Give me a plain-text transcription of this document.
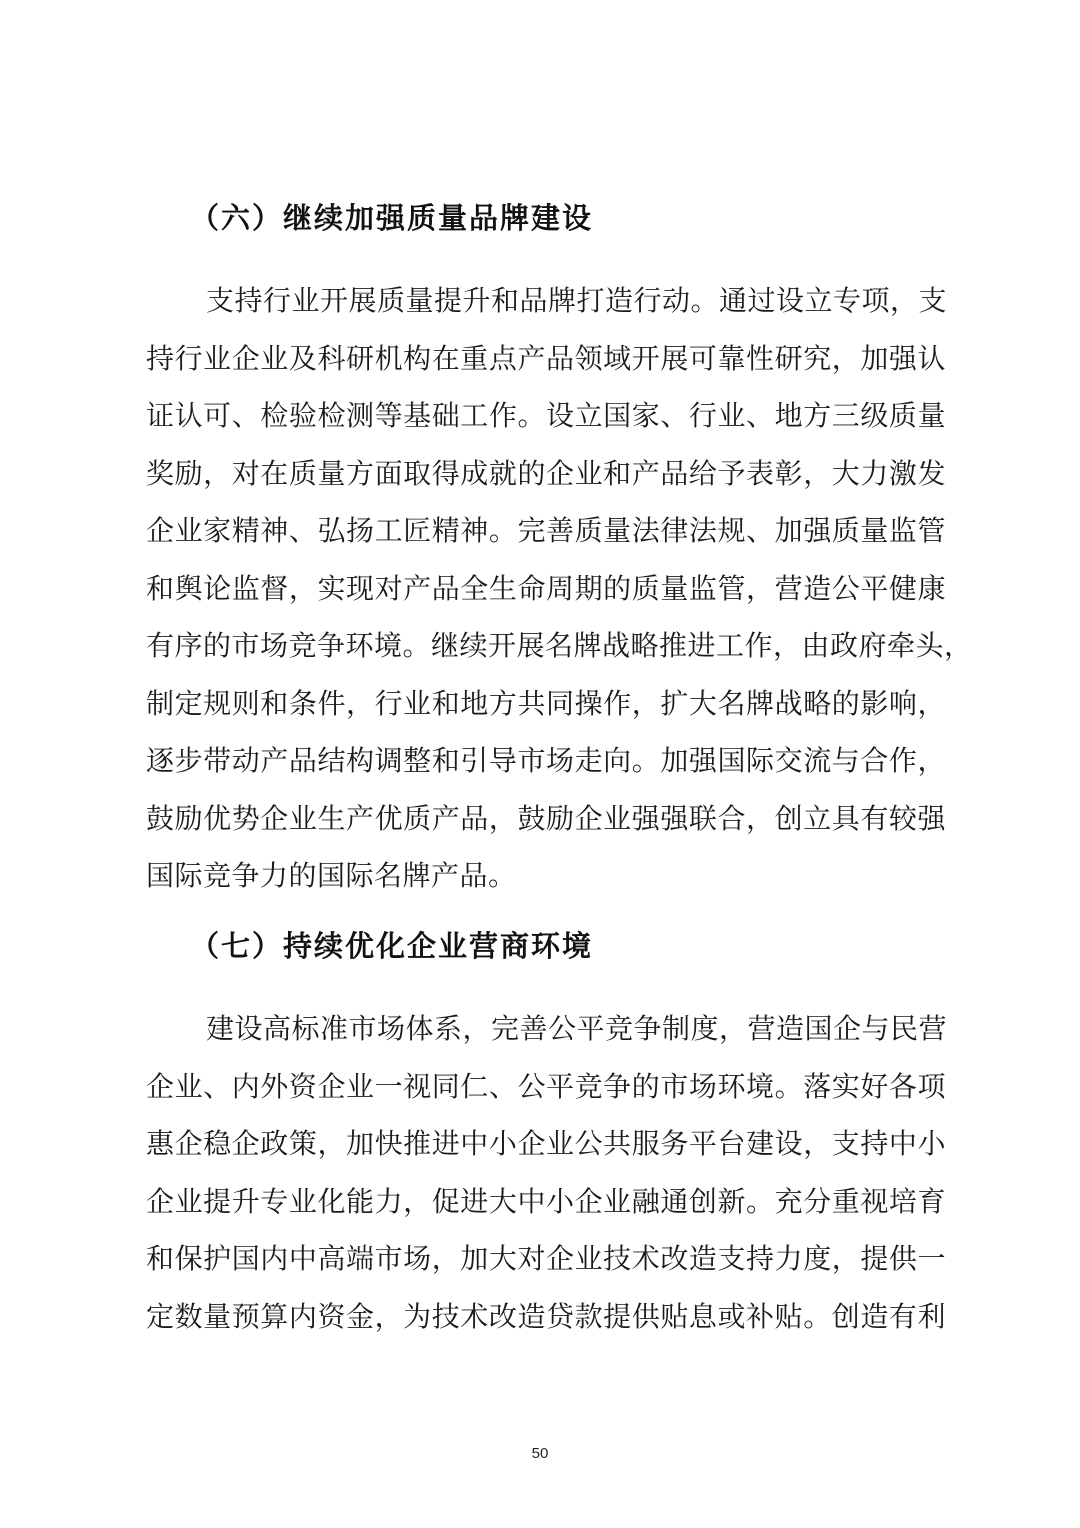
（六）继续加强质量品牌建设
支持行业开展质量提升和品牌打造行动。通过设立专项，支
持行业企业及科研机构在重点产品领域开展可靠性研究，加强认
证认可、检验检测等基础工作。设立国家、行业、地方三级质量
奖励，对在质量方面取得成就的企业和产品给予表彰，大力激发
企业家精神、弘扬工匠精神。完善质量法律法规、加强质量监管
和舆论监督，实现对产品全生命周期的质量监管，营造公平健康
有序的市场竞争环境。继续开展名牌战略推进工作，由政府牵头，
制定规则和条件，行业和地方共同操作，扩大名牌战略的影响，
逐步带动产品结构调整和引导市场走向。加强国际交流与合作，
鼓励优势企业生产优质产品，鼓励企业强强联合，创立具有较强
国际竞争力的国际名牌产品。
（七）持续优化企业营商环境
建设高标准市场体系，完善公平竞争制度，营造国企与民营
企业、内外资企业一视同仁、公平竞争的市场环境。落实好各项
惠企稳企政策，加快推进中小企业公共服务平台建设，支持中小
企业提升专业化能力，促进大中小企业融通创新。充分重视培育
和保护国内中高端市场，加大对企业技术改造支持力度，提供一
定数量预算内资金，为技术改造贷款提供贴息或补贴。创造有利
50
